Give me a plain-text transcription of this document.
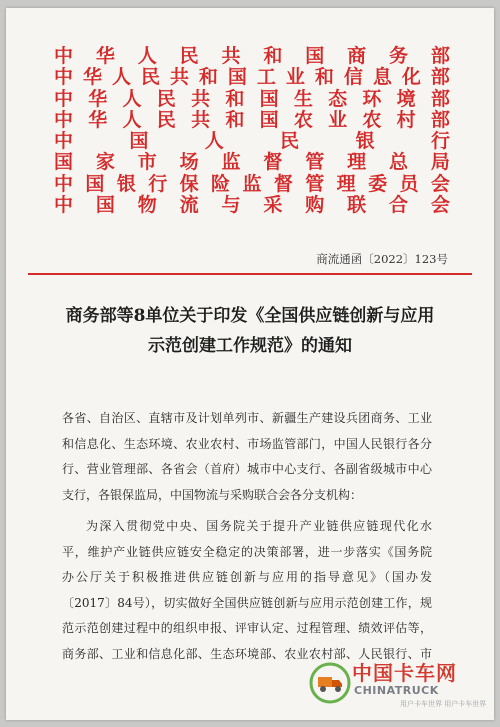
中 华 人 民 共 和 国 商 务 部
中 华 人 民 共 和 国 工 业 和 信 息 化 部
中 华 人 民 共 和 国 生 态 环 境 部
中 华 人 民 共 和 国 农 业 农 村 部
中	国	人	民	银	行
国 家 市 场 监 督 管 理 总 局
中 国 银 行 保 险 监 督 管 理 委 员 会
中 国 物 流 与 采 购 联 合 会
商流通函〔2022〕123号
商务部等8单位关于印发《全国供应链创新与应用
示范创建工作规范》的通知

各省、自治区、直辖市及计划单列市、新疆生产建设兵团商务、工业

和信息化、生态环境、农业农村、市场监管部门，中国人民银行各分

行、营业管理部、各省会（首府）城市中心支行、各副省级城市中心

支行，各银保监局，中国物流与采购联合会各分支机构：

为深入贯彻党中央、国务院关于提升产业链供应链现代化水

平，维护产业链供应链安全稳定的决策部署，进一步落实《国务院

办公厅关于积极推进供应链创新与应用的指导意见》（国办发

〔2017〕84号），切实做好全国供应链创新与应用示范创建工作，规

范示范创建过程中的组织申报、评审认定、过程管理、绩效评估等，

商务部、工业和信息化部、生态环境部、农业农村部、人民银行、市

中国卡车网
CHINATRUCK
用户卡车世界 用户卡车世界
